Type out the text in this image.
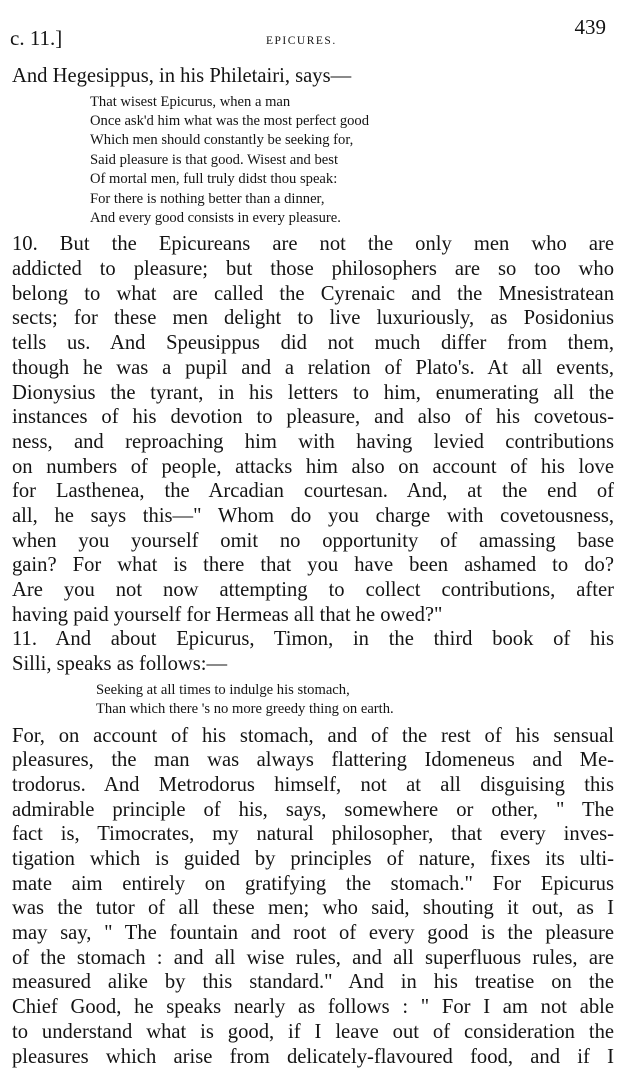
c. 11.]	EPICURES.
439
And Hegesippus, in his Philetairi, says—
That wisest Epicurus, when a man
Once ask'd him what was the most perfect good
Which men should constantly be seeking for,
Said pleasure is that good. Wisest and best
Of mortal men, full truly didst thou speak:
For there is nothing better than a dinner,
And every good consists in every pleasure.
10. But the Epicureans are not the only men who are
addicted to pleasure; but those philosophers are so too who
belong to what are called the Cyrenaic and the Mnesistratean
sects; for these men delight to live luxuriously, as Posidonius
tells us. And Speusippus did not much differ from them,
though he was a pupil and a relation of Plato's. At all events,
Dionysius the tyrant, in his letters to him, enumerating all the
instances of his devotion to pleasure, and also of his covetous-
ness, and reproaching him with having levied contributions
on numbers of people, attacks him also on account of his love
for Lasthenea, the Arcadian courtesan. And, at the end of
all, he says this—" Whom do you charge with covetousness,
when you yourself omit no opportunity of amassing base
gain? For what is there that you have been ashamed to do?
Are you not now attempting to collect contributions, after
having paid yourself for Hermeas all that he owed?"
11. And about Epicurus, Timon, in the third book of his
Silli, speaks as follows:—
Seeking at all times to indulge his stomach,
Than which there 's no more greedy thing on earth.
For, on account of his stomach, and of the rest of his sensual
pleasures, the man was always flattering Idomeneus and Me-
trodorus. And Metrodorus himself, not at all disguising this
admirable principle of his, says, somewhere or other, " The
fact is, Timocrates, my natural philosopher, that every inves-
tigation which is guided by principles of nature, fixes its ulti-
mate aim entirely on gratifying the stomach." For Epicurus
was the tutor of all these men; who said, shouting it out, as I
may say, " The fountain and root of every good is the pleasure
of the stomach : and all wise rules, and all superfluous rules, are
measured alike by this standard." And in his treatise on the
Chief Good, he speaks nearly as follows : " For I am not able
to understand what is good, if I leave out of consideration the
pleasures which arise from delicately-flavoured food, and if I
